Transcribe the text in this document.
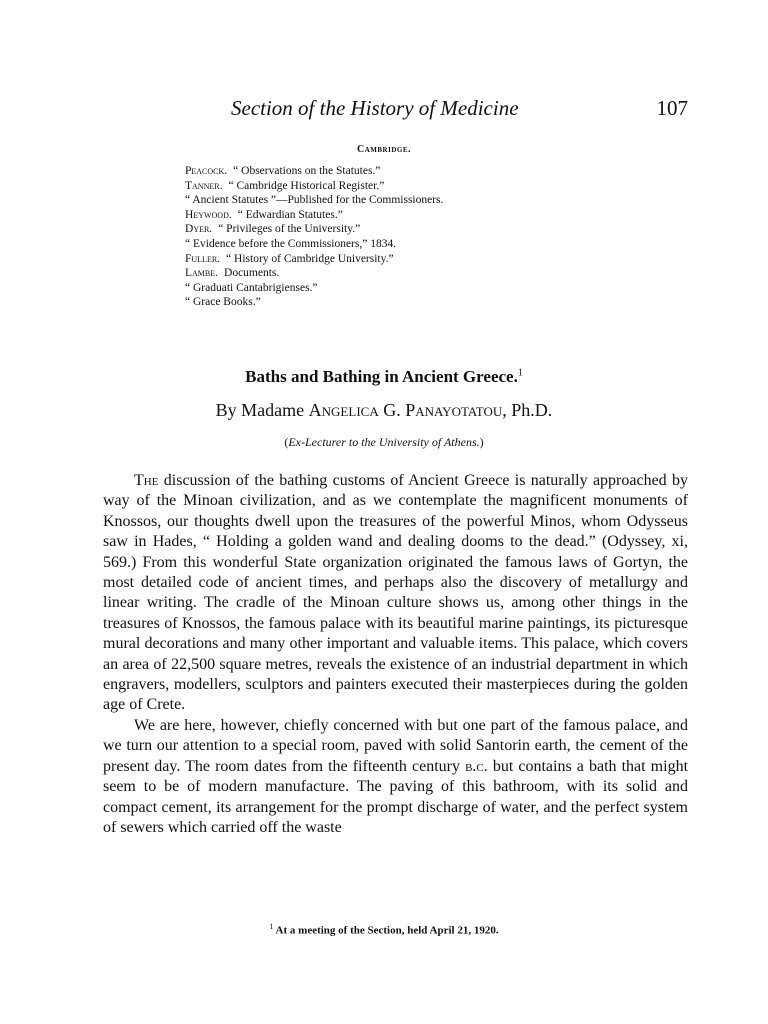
Section of the History of Medicine	107
Cambridge.
Peacock. “ Observations on the Statutes.”
Tanner. “ Cambridge Historical Register.”
“ Ancient Statutes ”—Published for the Commissioners.
Heywood. “ Edwardian Statutes.”
Dyer. “ Privileges of the University.”
“ Evidence before the Commissioners,” 1834.
Fuller. “ History of Cambridge University.”
Lambe. Documents.
“ Graduati Cantabrigienses.”
“ Grace Books.”
Baths and Bathing in Ancient Greece.$^1$
By Madame Angelica G. Panayotatou, Ph.D.
(Ex-Lecturer to the University of Athens.)

The discussion of the bathing customs of Ancient Greece is naturally approached by way of the Minoan civilization, and as we contemplate the magnificent monuments of Knossos, our thoughts dwell upon the treasures of the powerful Minos, whom Odysseus saw in Hades, “ Holding a golden wand and dealing dooms to the dead.” (Odyssey, xi, 569.) From this wonderful State organization originated the famous laws of Gortyn, the most detailed code of ancient times, and perhaps also the discovery of metallurgy and linear writing. The cradle of the Minoan culture shows us, among other things in the treasures of Knossos, the famous palace with its beautiful marine paintings, its picturesque mural decorations and many other important and valuable items. This palace, which covers an area of 22,500 square metres, reveals the existence of an industrial department in which engravers, modellers, sculptors and painters executed their masterpieces during the golden age of Crete.

We are here, however, chiefly concerned with but one part of the famous palace, and we turn our attention to a special room, paved with solid Santorin earth, the cement of the present day. The room dates from the fifteenth century b.c. but contains a bath that might seem to be of modern manufacture. The paving of this bathroom, with its solid and compact cement, its arrangement for the prompt discharge of water, and the perfect system of sewers which carried off the waste

$^1$ At a meeting of the Section, held April 21, 1920.
